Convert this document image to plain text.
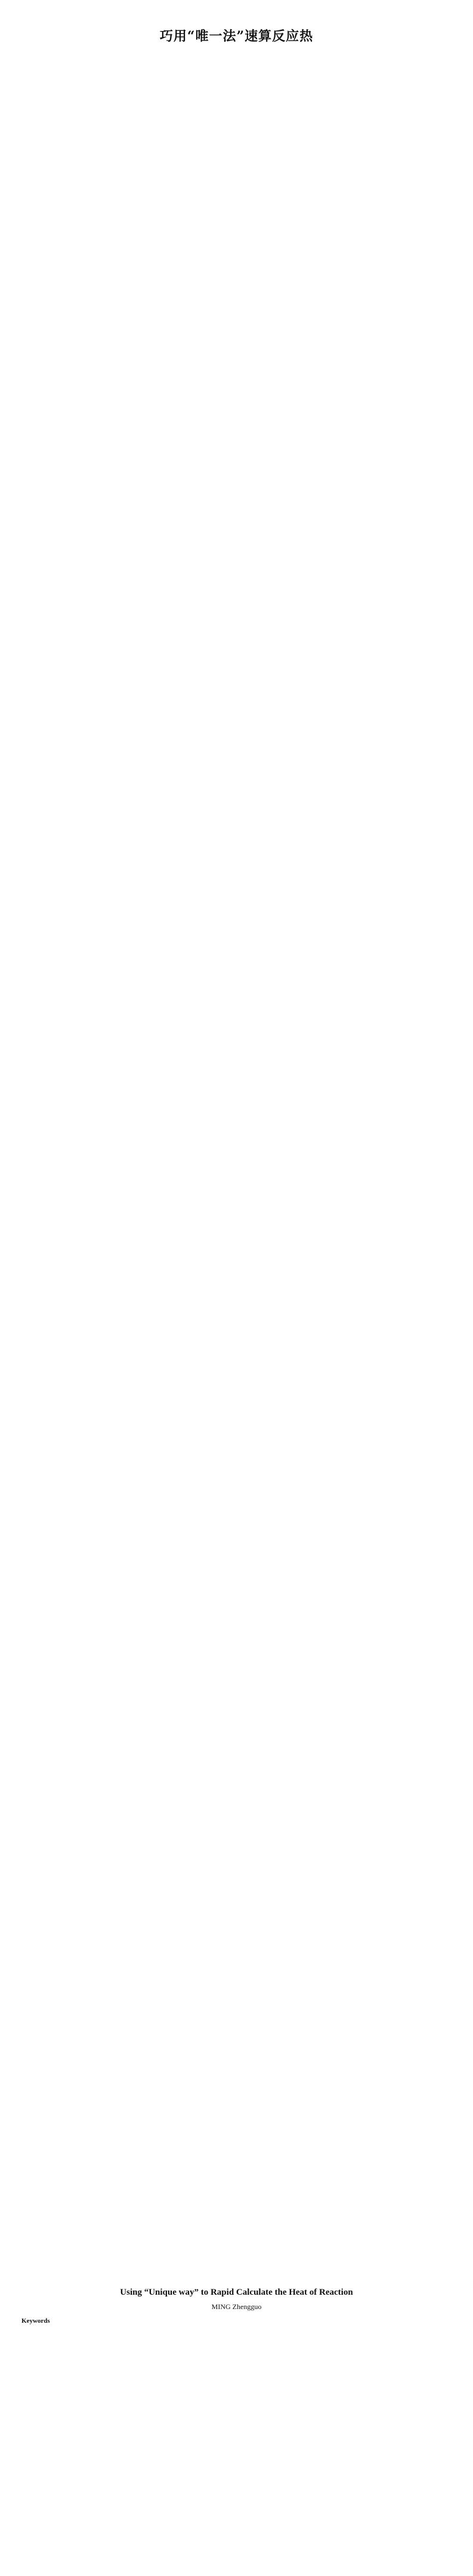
巧用“唯一法”速算反应热
Using “Unique way” to Rapid Calculate the Heat of Reaction
MING Zhengguo
Keywords
